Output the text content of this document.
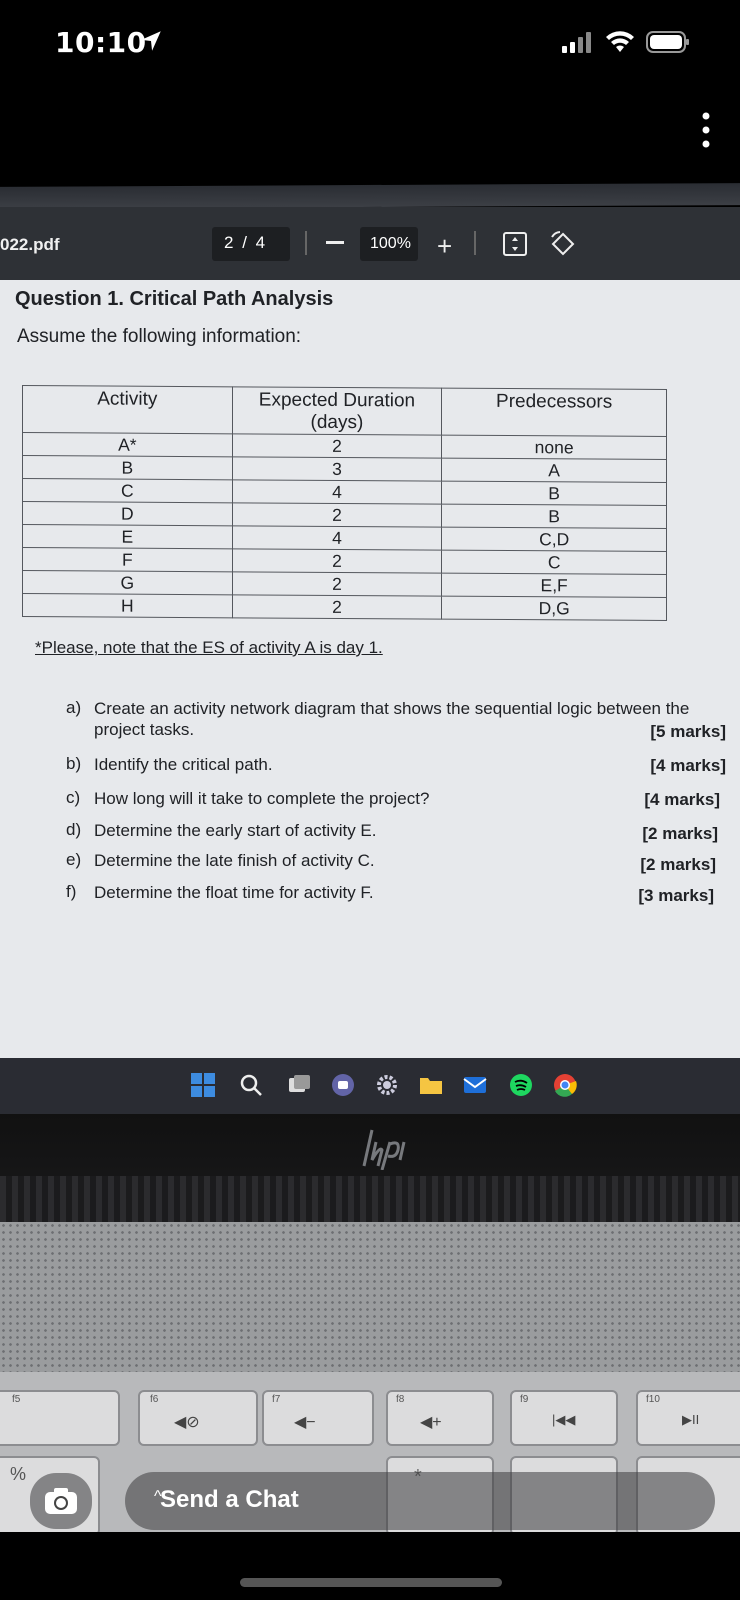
10:10
022.pdf	2 / 4	100% +
Question 1. Critical Path Analysis
Assume the following information:
Activity	Expected Duration (days)	Predecessors
A*	2	none
B	3	A
C	4	B
D	2	B
E	4	C,D
F	2	C
G	2	E,F
H	2	D,G
*Please, note that the ES of activity A is day 1.
a) Create an activity network diagram that shows the sequential logic between the project tasks.	[5 marks]
b) Identify the critical path.	[4 marks]
c) How long will it take to complete the project?	[4 marks]
d) Determine the early start of activity E.	[2 marks]
e) Determine the late finish of activity C.	[2 marks]
f) Determine the float time for activity F.	[3 marks]
f5	f6
◀⊘
f7
◀−
f8
◀+
f9
|◀◀
f10
▶II
%
^
Send a Chat
